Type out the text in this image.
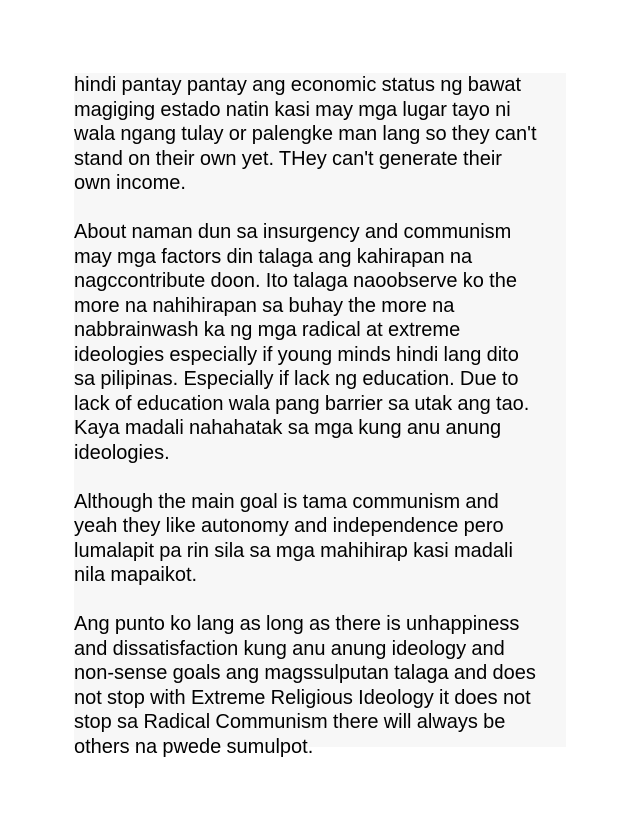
hindi pantay pantay ang economic status ng bawat
magiging estado natin kasi may mga lugar tayo ni
wala ngang tulay or palengke man lang so they can't
stand on their own yet. THey can't generate their
own income.

About naman dun sa insurgency and communism
may mga factors din talaga ang kahirapan na
nagccontribute doon. Ito talaga naoobserve ko the
more na nahihirapan sa buhay the more na
nabbrainwash ka ng mga radical at extreme
ideologies especially if young minds hindi lang dito
sa pilipinas. Especially if lack ng education. Due to
lack of education wala pang barrier sa utak ang tao.
Kaya madali nahahatak sa mga kung anu anung
ideologies.

Although the main goal is tama communism and
yeah they like autonomy and independence pero
lumalapit pa rin sila sa mga mahihirap kasi madali
nila mapaikot.

Ang punto ko lang as long as there is unhappiness
and dissatisfaction kung anu anung ideology and
non-sense goals ang magssulputan talaga and does
not stop with Extreme Religious Ideology it does not
stop sa Radical Communism there will always be
others na pwede sumulpot.
